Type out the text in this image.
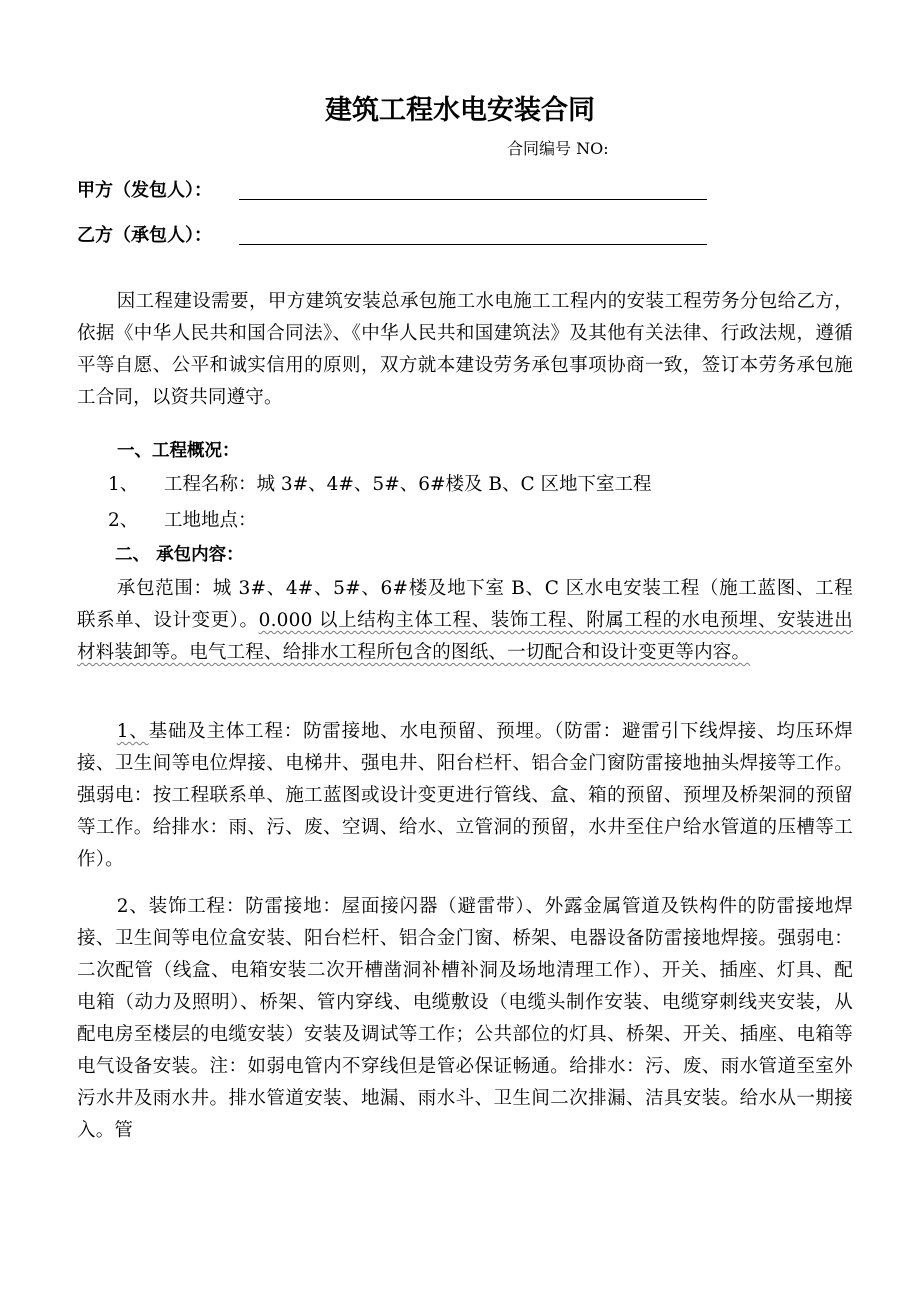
建筑工程水电安装合同
合同编号 NO:
甲方（发包人）：
乙方（承包人）：

因工程建设需要，甲方建筑安装总承包施工水电施工工程内的安装工程劳务分包给乙方，依据《中华人民共和国合同法》、《中华人民共和国建筑法》及其他有关法律、行政法规，遵循平等自愿、公平和诚实信用的原则，双方就本建设劳务承包事项协商一致，签订本劳务承包施工合同，以资共同遵守。

一、工程概况：
1、 工程名称：城 3#、4#、5#、6#楼及 B、C 区地下室工程
2、 工地地点：
二、 承包内容：

承包范围：城 3#、4#、5#、6#楼及地下室 B、C 区水电安装工程（施工蓝图、工程联系单、设计变更）。0.000 以上结构主体工程、装饰工程、附属工程的水电预埋、安装进出材料装卸等。电气工程、给排水工程所包含的图纸、一切配合和设计变更等内容。

1、基础及主体工程：防雷接地、水电预留、预埋。（防雷：避雷引下线焊接、均压环焊接、卫生间等电位焊接、电梯井、强电井、阳台栏杆、铝合金门窗防雷接地抽头焊接等工作。强弱电：按工程联系单、施工蓝图或设计变更进行管线、盒、箱的预留、预埋及桥架洞的预留等工作。给排水：雨、污、废、空调、给水、立管洞的预留，水井至住户给水管道的压槽等工作）。

2、装饰工程：防雷接地：屋面接闪器（避雷带）、外露金属管道及铁构件的防雷接地焊接、卫生间等电位盒安装、阳台栏杆、铝合金门窗、桥架、电器设备防雷接地焊接。强弱电：二次配管（线盒、电箱安装二次开槽凿洞补槽补洞及场地清理工作）、开关、插座、灯具、配电箱（动力及照明）、桥架、管内穿线、电缆敷设（电缆头制作安装、电缆穿刺线夹安装，从配电房至楼层的电缆安装）安装及调试等工作；公共部位的灯具、桥架、开关、插座、电箱等电气设备安装。注：如弱电管内不穿线但是管必保证畅通。给排水：污、废、雨水管道至室外污水井及雨水井。排水管道安装、地漏、雨水斗、卫生间二次排漏、洁具安装。给水从一期接入。管
